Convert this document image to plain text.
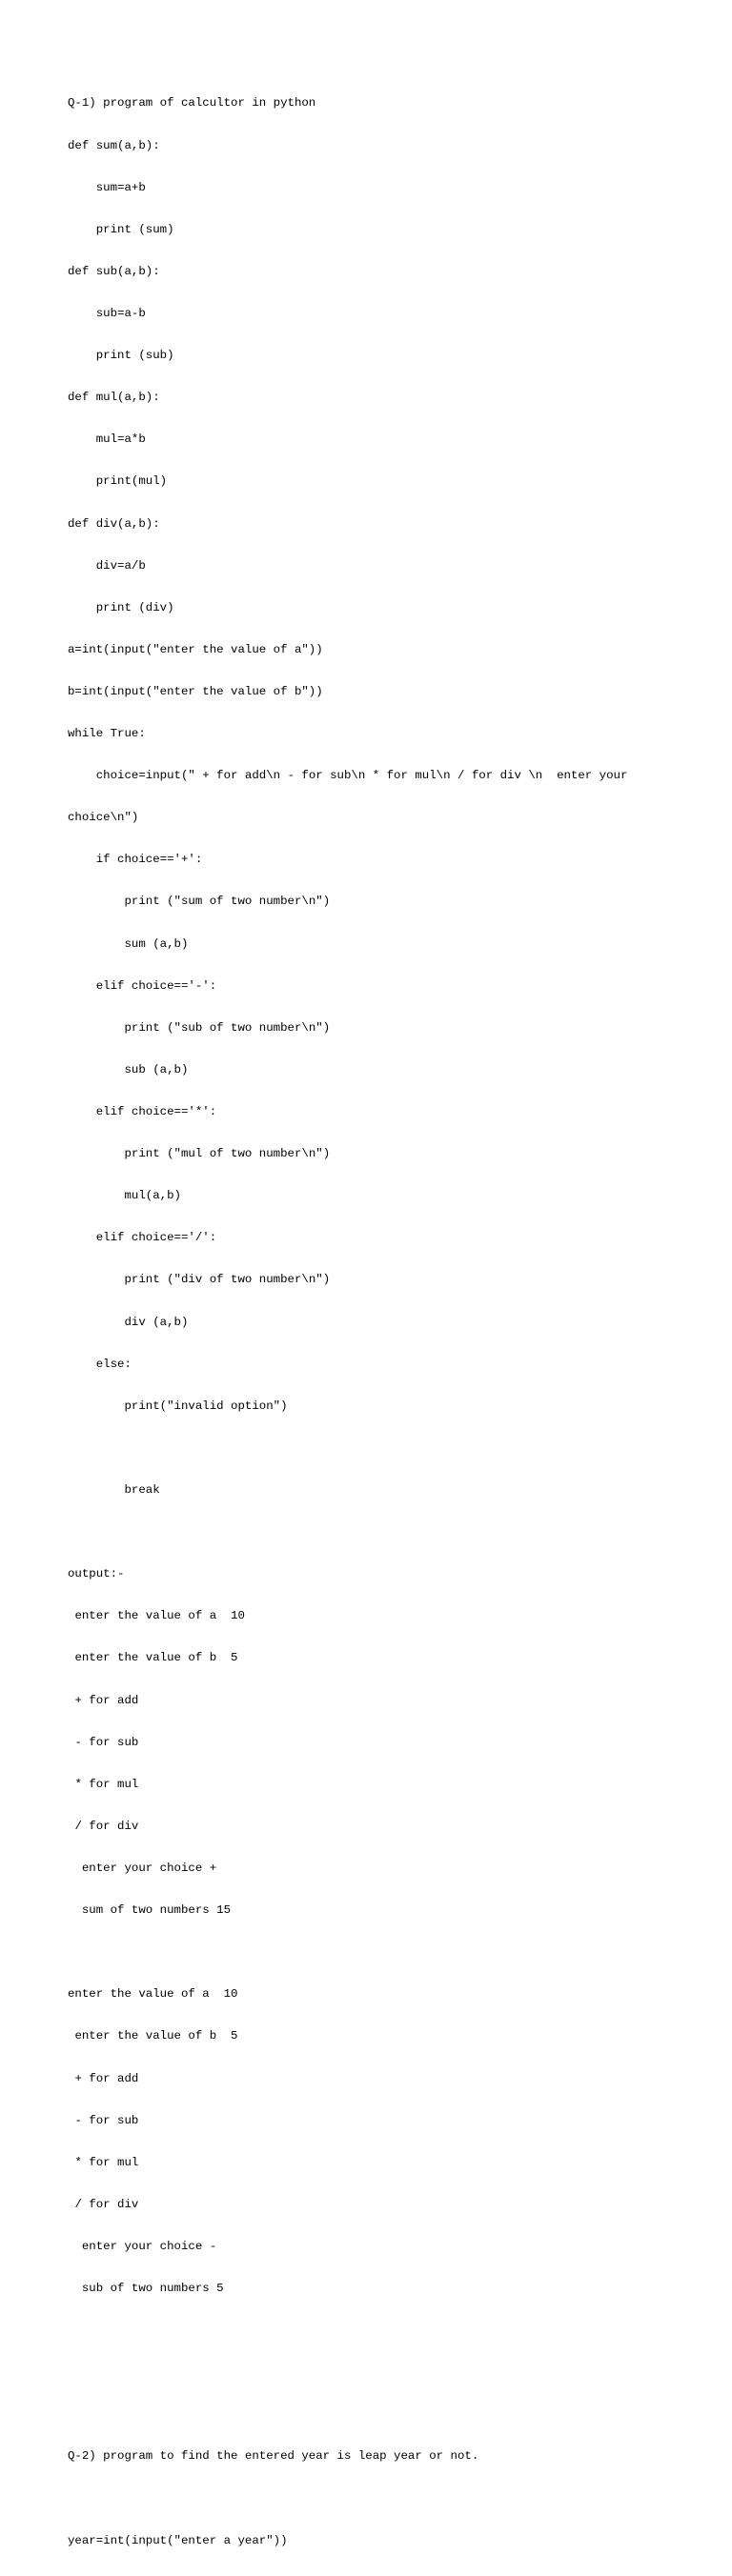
Q-1) program of calcultor in python

def sum(a,b):

sum=a+b

print (sum)

def sub(a,b):

sub=a-b

print (sub)

def mul(a,b):

mul=a*b

print(mul)

def div(a,b):

div=a/b

print (div)

a=int(input("enter the value of a"))

b=int(input("enter the value of b"))

while True:

choice=input(" + for add\n - for sub\n * for mul\n / for div \n  enter your

choice\n")

if choice=='+':

print ("sum of two number\n")

sum (a,b)

elif choice=='-':

print ("sub of two number\n")

sub (a,b)

elif choice=='*':

print ("mul of two number\n")

mul(a,b)

elif choice=='/':

print ("div of two number\n")

div (a,b)

else:

print("invalid option")

break

output:-

enter the value of a  10

enter the value of b  5

+ for add

- for sub

* for mul

/ for div

enter your choice +

sum of two numbers 15

enter the value of a  10

enter the value of b  5

+ for add

- for sub

* for mul

/ for div

enter your choice -

sub of two numbers 5

Q-2) program to find the entered year is leap year or not.

year=int(input("enter a year"))
